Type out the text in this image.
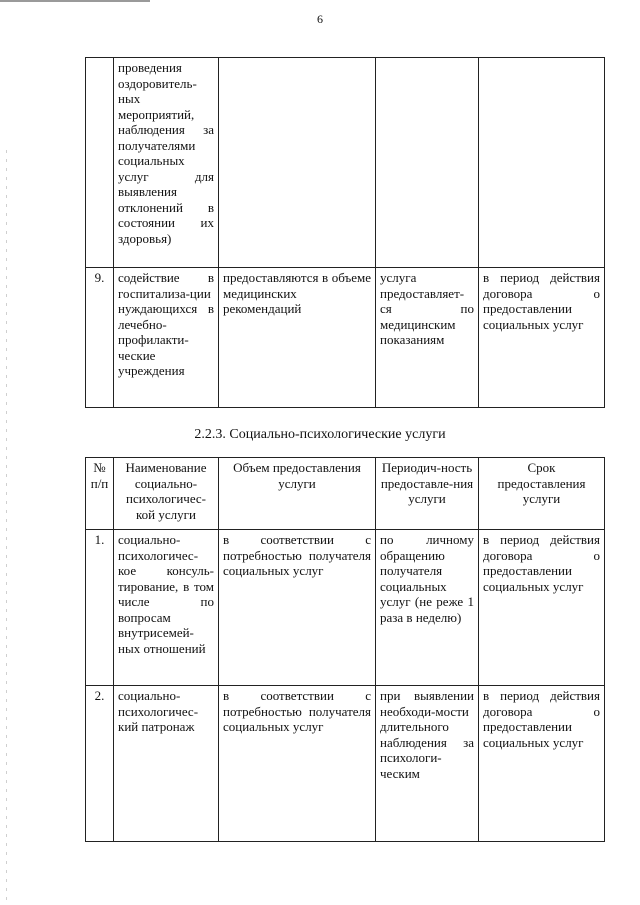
6
	проведения оздоровитель-ных мероприятий, наблюдения за получателями социальных услуг для выявления отклонений в состоянии их здоровья)			
9.	содействие в госпитализа-ции нуждающихся в лечебно-профилакти-ческие учреждения	предоставляются в объеме медицинских рекомендаций	услуга предоставляет-ся по медицинским показаниям	в период действия договора о предоставлении социальных услуг
2.2.3. Социально-психологические услуги
№ п/п	Наименование социально-психологичес-кой услуги	Объем предоставления услуги	Периодич-ность предоставле-ния услуги	Срок предоставления услуги
1.	социально-психологичес-кое консуль-тирование, в том числе по вопросам внутрисемей-ных отношений	в соответствии с потребностью получателя социальных услуг	по личному обращению получателя социальных услуг (не реже 1 раза в неделю)	в период действия договора о предоставлении социальных услуг
2.	социально-психологичес-кий патронаж	в соответствии с потребностью получателя социальных услуг	при выявлении необходи-мости длительного наблюдения за психологи-ческим	в период действия договора о предоставлении социальных услуг
